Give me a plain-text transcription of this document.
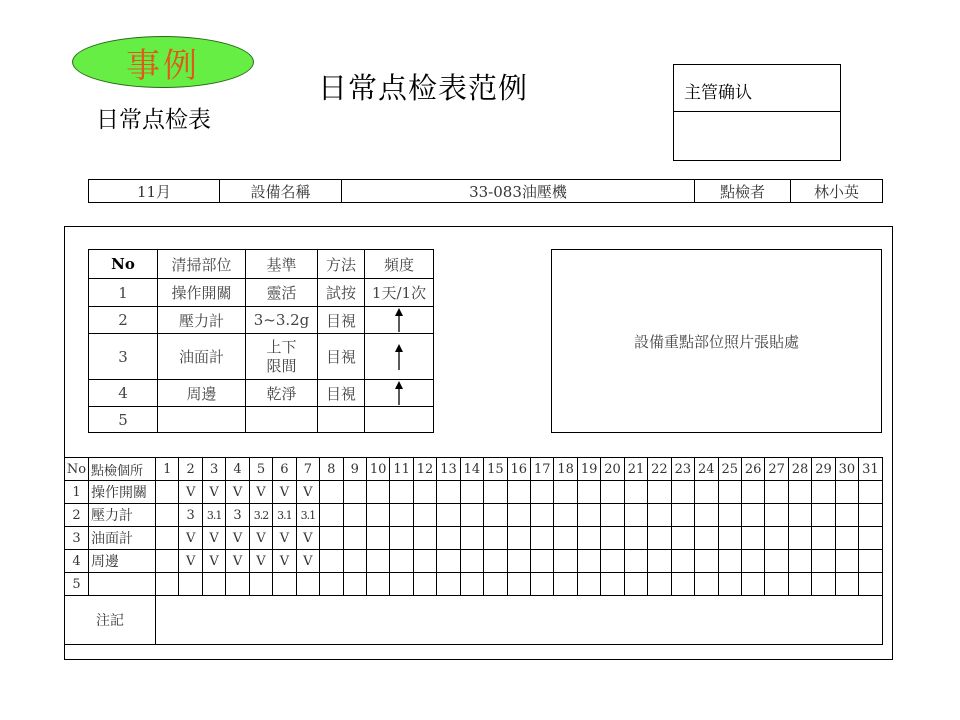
事例
日常点检表范例
日常点检表
主管确认
11月	設備名稱	33-083油壓機	點檢者	林小英
No	清掃部位	基準	方法	頻度
1	操作開關	靈活	試按	1天/1次
2	壓力計	3~3.2g	目視	

3	油面計	上下
限間	目視	

4	周邊	乾淨	目視	

5				
設備重點部位照片張貼處
No	點檢個所	1	2	3	4	5	6	7	8	9	10	11	12	13	14	15	16	17	18	19	20	21	22	23	24	25	26	27	28	29	30	31
1	操作開關		V	V	V	V	V	V																								
2	壓力計		3	3.1	3	3.2	3.1	3.1																								
3	油面計		V	V	V	V	V	V																								
4	周邊		V	V	V	V	V	V																								
5																																
注記																																
